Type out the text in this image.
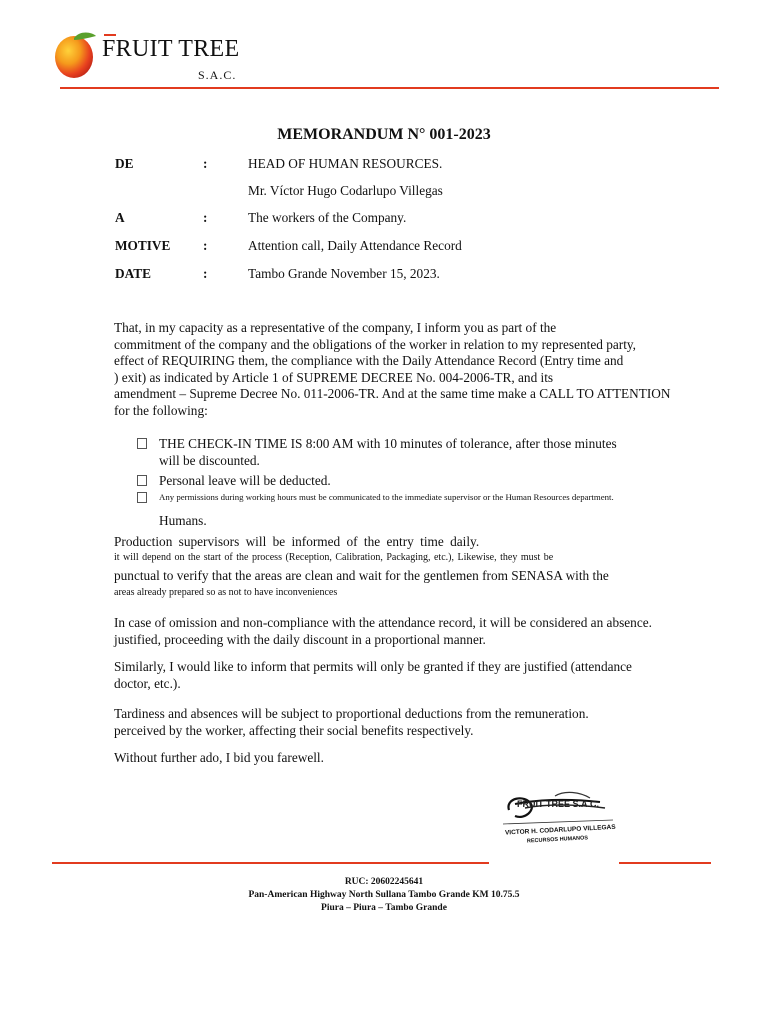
FRUIT TREE
S.A.C.
MEMORANDUM N° 001-2023
DE	:	HEAD OF HUMAN RESOURCES.
Mr. Víctor Hugo Codarlupo Villegas
A	:	The workers of the Company.
MOTIVE :	Attention call, Daily Attendance Record
DATE	:	Tambo Grande November 15, 2023.
That, in my capacity as a representative of the company, I inform you as part of the
commitment of the company and the obligations of the worker in relation to my represented party,
effect of REQUIRING them, the compliance with the Daily Attendance Record (Entry time and
) exit) as indicated by Article 1 of SUPREME DECREE No. 004-2006-TR, and its
amendment – Supreme Decree No. 011-2006-TR. And at the same time make a CALL TO ATTENTION
for the following:
THE CHECK-IN TIME IS 8:00 AM with 10 minutes of tolerance, after those minutes
will be discounted.
Personal leave will be deducted.
Any permissions during working hours must be communicated to the immediate supervisor or the Human Resources department.
Humans.
Production supervisors will be informed of the entry time daily.
it will depend on the start of the process (Reception, Calibration, Packaging, etc.), Likewise, they must be
punctual to verify that the areas are clean and wait for the gentlemen from SENASA with the
areas already prepared so as not to have inconveniences
In case of omission and non-compliance with the attendance record, it will be considered an absence.
justified, proceeding with the daily discount in a proportional manner.
Similarly, I would like to inform that permits will only be granted if they are justified (attendance
doctor, etc.).
Tardiness and absences will be subject to proportional deductions from the remuneration.
perceived by the worker, affecting their social benefits respectively.
Without further ado, I bid you farewell.
FRUIT TREE S.A.C.
VICTOR H. CODARLUPO VILLEGAS
RECURSOS HUMANOS
RUC: 20602245641
Pan-American Highway North Sullana Tambo Grande KM 10.75.5
Piura – Piura – Tambo Grande
